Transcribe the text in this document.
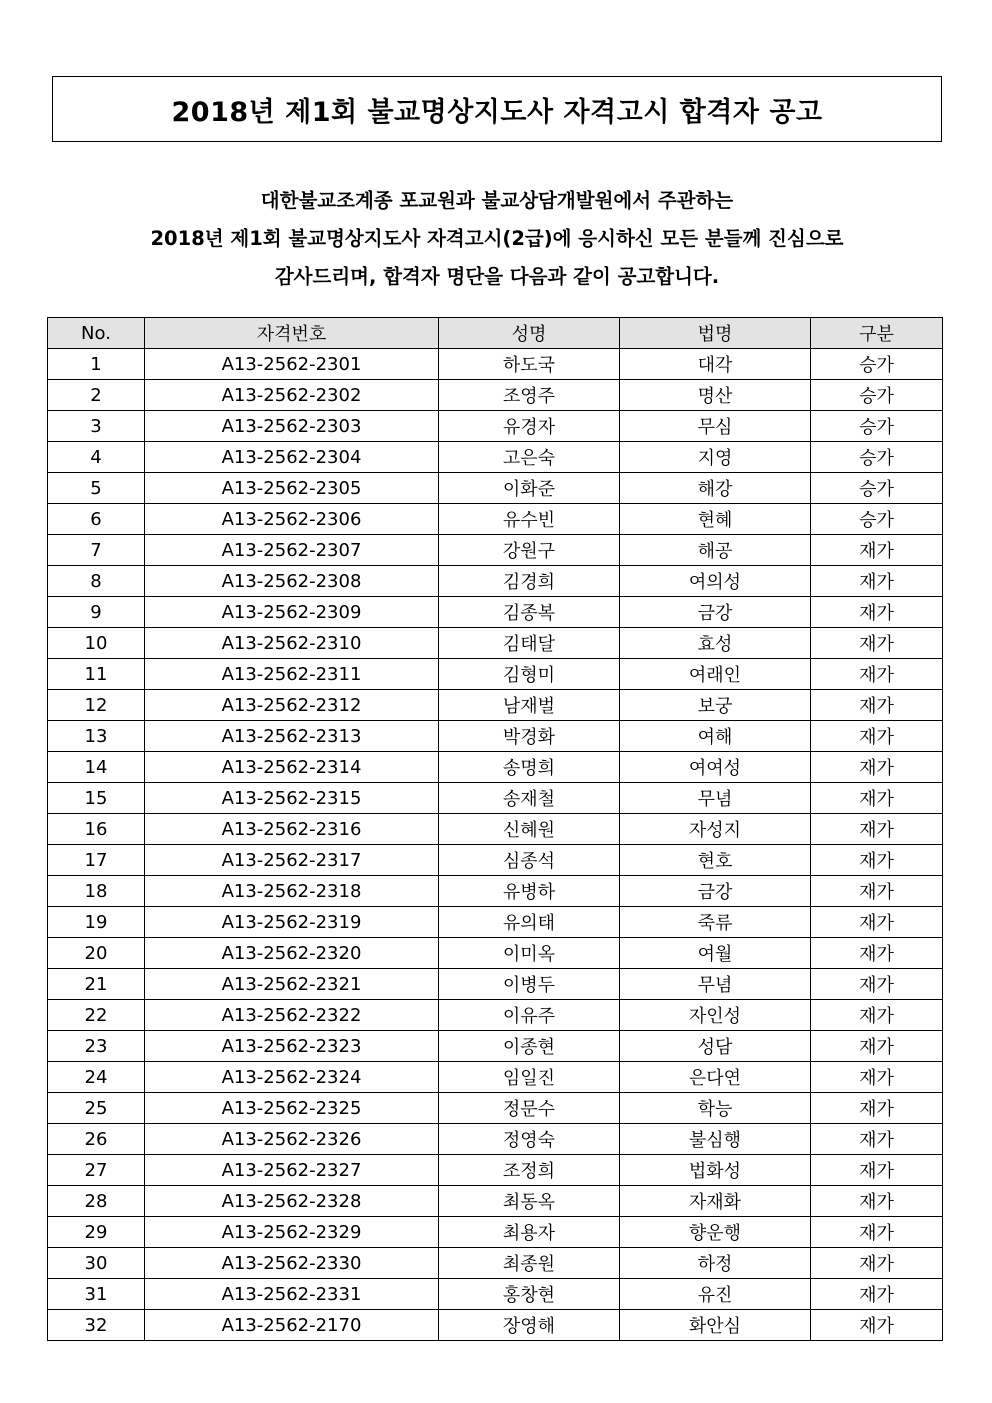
2018년 제1회 불교명상지도사 자격고시 합격자 공고

대한불교조계종 포교원과 불교상담개발원에서 주관하는

2018년 제1회 불교명상지도사 자격고시(2급)에 응시하신 모든 분들께 진심으로

감사드리며, 합격자 명단을 다음과 같이 공고합니다.

No.	자격번호	성명	법명	구분
1	A13-2562-2301	하도국	대각	승가
2	A13-2562-2302	조영주	명산	승가
3	A13-2562-2303	유경자	무심	승가
4	A13-2562-2304	고은숙	지영	승가
5	A13-2562-2305	이화준	해강	승가
6	A13-2562-2306	유수빈	현혜	승가
7	A13-2562-2307	강원구	해공	재가
8	A13-2562-2308	김경희	여의성	재가
9	A13-2562-2309	김종복	금강	재가
10	A13-2562-2310	김태달	효성	재가
11	A13-2562-2311	김형미	여래인	재가
12	A13-2562-2312	남재벌	보궁	재가
13	A13-2562-2313	박경화	여해	재가
14	A13-2562-2314	송명희	여여성	재가
15	A13-2562-2315	송재철	무념	재가
16	A13-2562-2316	신혜원	자성지	재가
17	A13-2562-2317	심종석	현호	재가
18	A13-2562-2318	유병하	금강	재가
19	A13-2562-2319	유의태	죽류	재가
20	A13-2562-2320	이미옥	여월	재가
21	A13-2562-2321	이병두	무념	재가
22	A13-2562-2322	이유주	자인성	재가
23	A13-2562-2323	이종현	성담	재가
24	A13-2562-2324	임일진	은다연	재가
25	A13-2562-2325	정문수	학능	재가
26	A13-2562-2326	정영숙	불심행	재가
27	A13-2562-2327	조정희	법화성	재가
28	A13-2562-2328	최동옥	자재화	재가
29	A13-2562-2329	최용자	향운행	재가
30	A13-2562-2330	최종원	하정	재가
31	A13-2562-2331	홍창현	유진	재가
32	A13-2562-2170	장영해	화안심	재가
